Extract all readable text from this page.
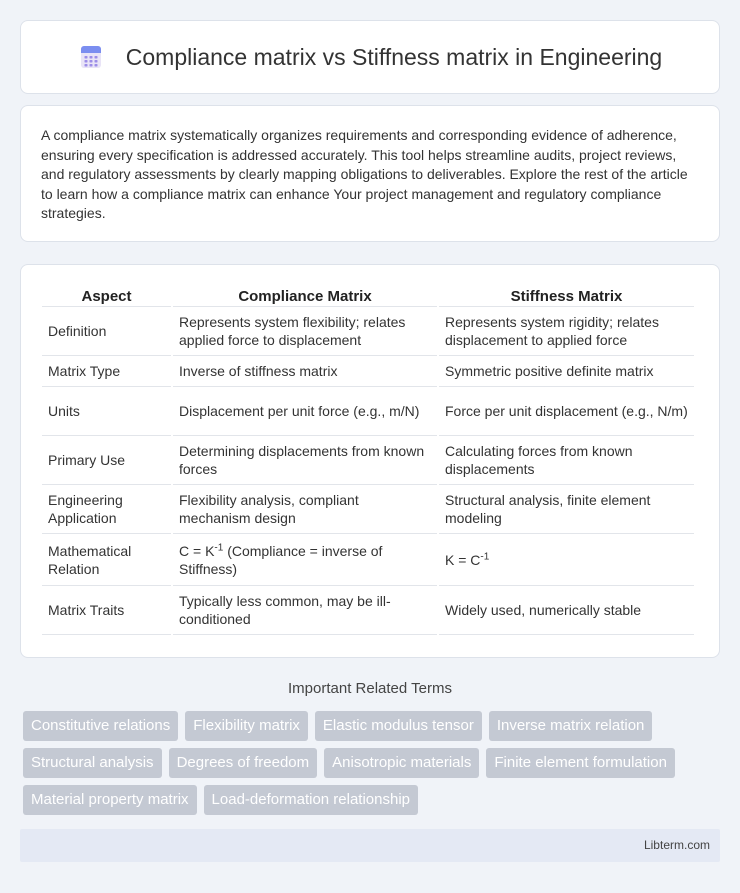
Compliance matrix vs Stiffness matrix in Engineering

A compliance matrix systematically organizes requirements and corresponding evidence of adherence, ensuring every specification is addressed accurately. This tool helps streamline audits, project reviews, and regulatory assessments by clearly mapping obligations to deliverables. Explore the rest of the article to learn how a compliance matrix can enhance Your project management and regulatory compliance strategies.

Aspect	Compliance Matrix	Stiffness Matrix
Definition	Represents system flexibility; relates applied force to displacement	Represents system rigidity; relates displacement to applied force
Matrix Type	Inverse of stiffness matrix	Symmetric positive definite matrix
Units	Displacement per unit force (e.g., m/N)	Force per unit displacement (e.g., N/m)
Primary Use	Determining displacements from known forces	Calculating forces from known displacements
Engineering Application	Flexibility analysis, compliant mechanism design	Structural analysis, finite element modeling
Mathematical Relation	$C = K^{-1}$ (Compliance = inverse of Stiffness)	$K = C^{-1}$
Matrix Traits	Typically less common, may be ill-conditioned	Widely used, numerically stable
Important Related Terms
Constitutive relations	Flexibility matrix	Elastic modulus tensor	Inverse matrix relation
Structural analysis	Degrees of freedom	Anisotropic materials	Finite element formulation
Material property matrix	Load-deformation relationship
Libterm.com
